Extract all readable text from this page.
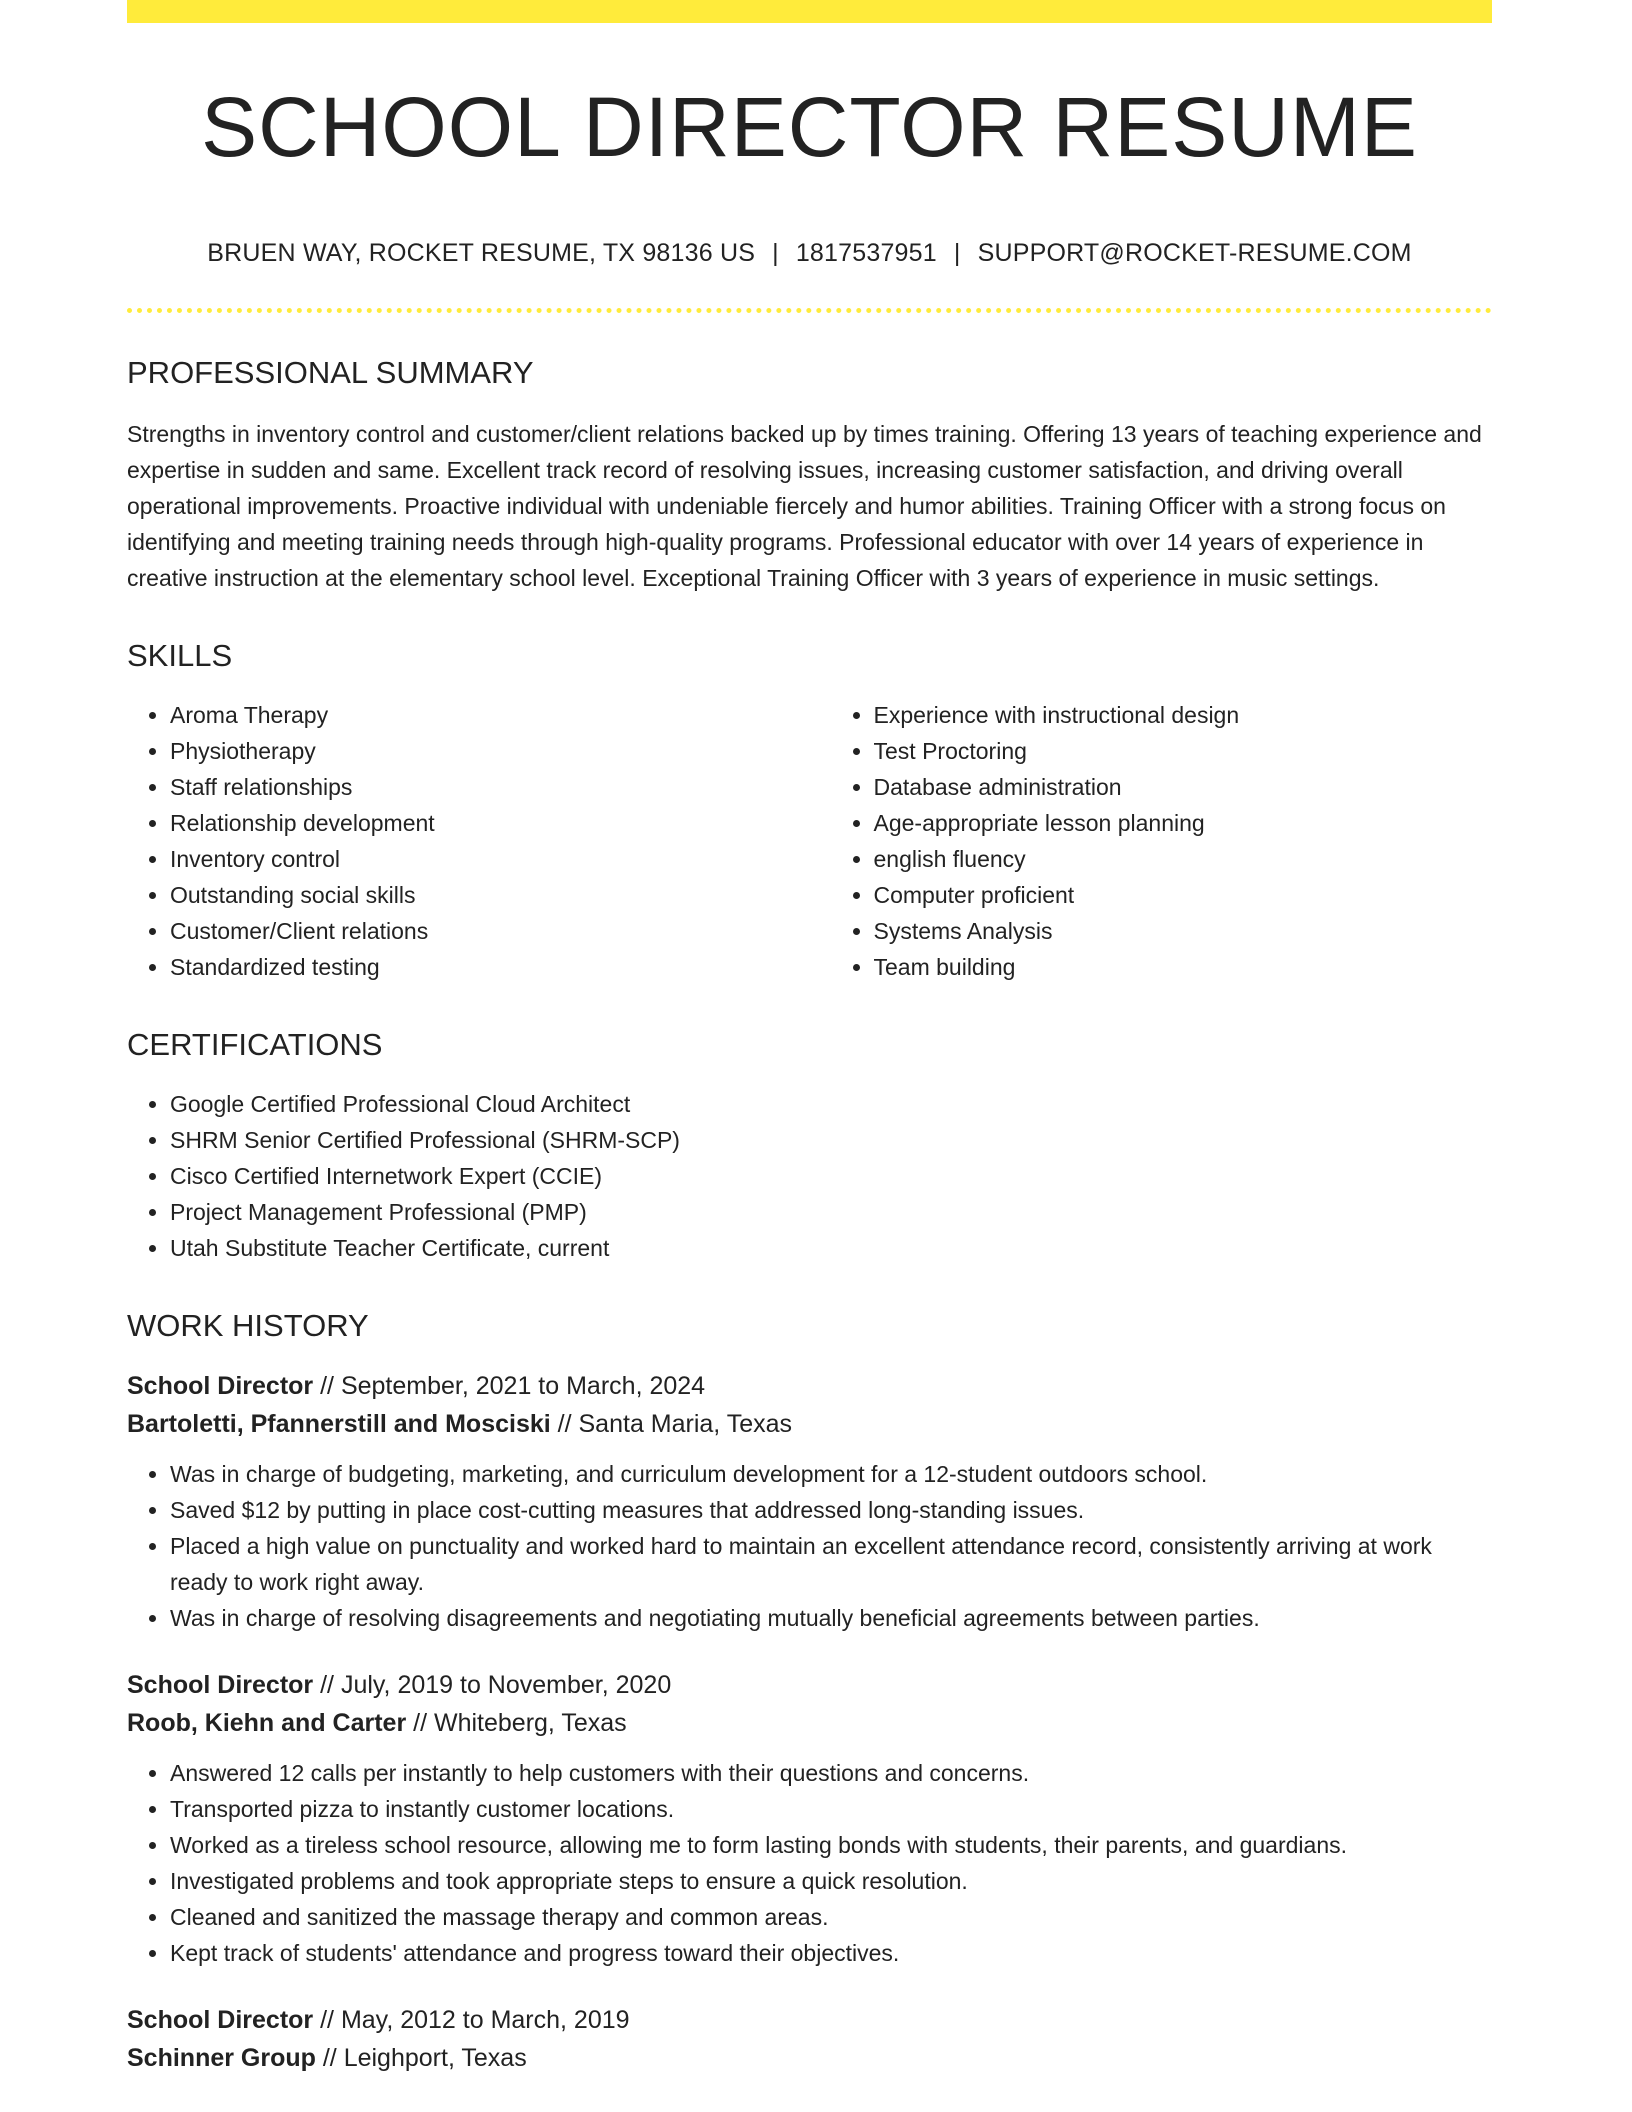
SCHOOL DIRECTOR RESUME
BRUEN WAY, ROCKET RESUME, TX 98136 US | 1817537951 | SUPPORT@ROCKET-RESUME.COM
PROFESSIONAL SUMMARY

Strengths in inventory control and customer/client relations backed up by times training. Offering 13 years of teaching experience and expertise in sudden and same. Excellent track record of resolving issues, increasing customer satisfaction, and driving overall operational improvements. Proactive individual with undeniable fiercely and humor abilities. Training Officer with a strong focus on identifying and meeting training needs through high-quality programs. Professional educator with over 14 years of experience in creative instruction at the elementary school level. Exceptional Training Officer with 3 years of experience in music settings.

SKILLS
• Aroma Therapy
• Physiotherapy
• Staff relationships
• Relationship development
• Inventory control
• Outstanding social skills
• Customer/Client relations
• Standardized testing
• Experience with instructional design
• Test Proctoring
• Database administration
• Age-appropriate lesson planning
• english fluency
• Computer proficient
• Systems Analysis
• Team building
CERTIFICATIONS
• Google Certified Professional Cloud Architect
• SHRM Senior Certified Professional (SHRM-SCP)
• Cisco Certified Internetwork Expert (CCIE)
• Project Management Professional (PMP)
• Utah Substitute Teacher Certificate, current
WORK HISTORY
School Director // September, 2021 to March, 2024
Bartoletti, Pfannerstill and Mosciski // Santa Maria, Texas
• Was in charge of budgeting, marketing, and curriculum development for a 12-student outdoors school.
• Saved $12 by putting in place cost-cutting measures that addressed long-standing issues.
• Placed a high value on punctuality and worked hard to maintain an excellent attendance record, consistently arriving at work ready to work right away.
• Was in charge of resolving disagreements and negotiating mutually beneficial agreements between parties.
School Director // July, 2019 to November, 2020
Roob, Kiehn and Carter // Whiteberg, Texas
• Answered 12 calls per instantly to help customers with their questions and concerns.
• Transported pizza to instantly customer locations.
• Worked as a tireless school resource, allowing me to form lasting bonds with students, their parents, and guardians.
• Investigated problems and took appropriate steps to ensure a quick resolution.
• Cleaned and sanitized the massage therapy and common areas.
• Kept track of students' attendance and progress toward their objectives.
School Director // May, 2012 to March, 2019
Schinner Group // Leighport, Texas
